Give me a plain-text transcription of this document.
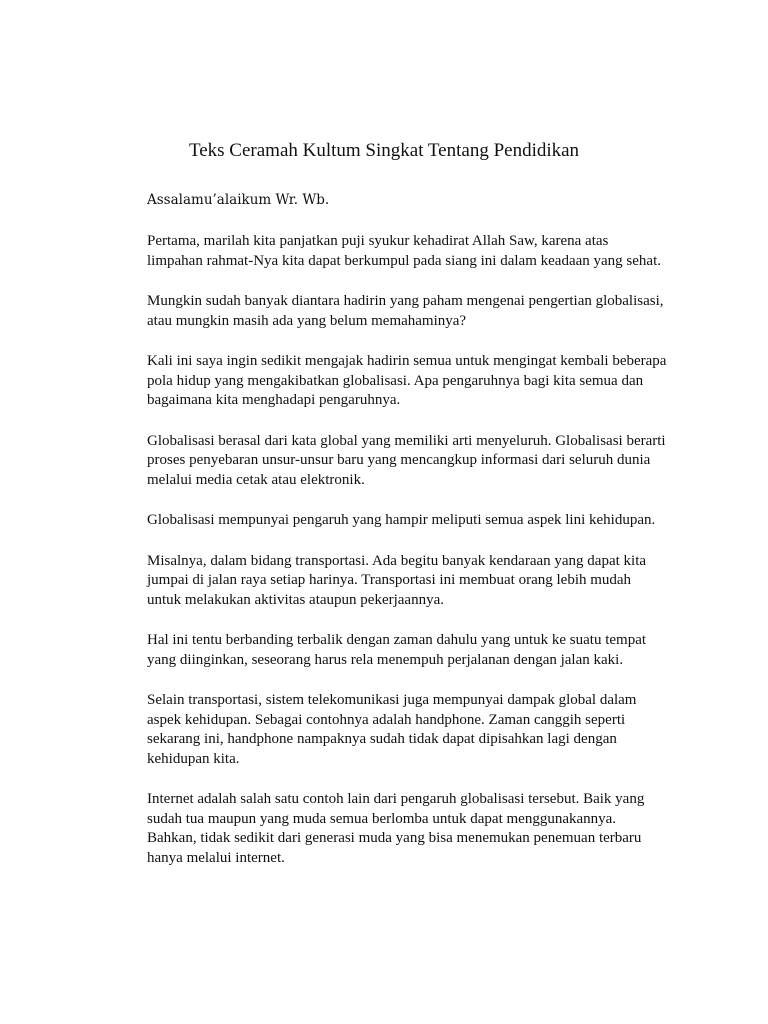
Teks Ceramah Kultum Singkat Tentang Pendidikan

Assalamu’alaikum Wr. Wb.

Pertama, marilah kita panjatkan puji syukur kehadirat Allah Saw, karena atas limpahan rahmat-Nya kita dapat berkumpul pada siang ini dalam keadaan yang sehat.

Mungkin sudah banyak diantara hadirin yang paham mengenai pengertian globalisasi, atau mungkin masih ada yang belum memahaminya?

Kali ini saya ingin sedikit mengajak hadirin semua untuk mengingat kembali beberapa pola hidup yang mengakibatkan globalisasi. Apa pengaruhnya bagi kita semua dan bagaimana kita menghadapi pengaruhnya.

Globalisasi berasal dari kata global yang memiliki arti menyeluruh. Globalisasi berarti proses penyebaran unsur-unsur baru yang mencangkup informasi dari seluruh dunia melalui media cetak atau elektronik.

Globalisasi mempunyai pengaruh yang hampir meliputi semua aspek lini kehidupan.

Misalnya, dalam bidang transportasi. Ada begitu banyak kendaraan yang dapat kita jumpai di jalan raya setiap harinya. Transportasi ini membuat orang lebih mudah untuk melakukan aktivitas ataupun pekerjaannya.

Hal ini tentu berbanding terbalik dengan zaman dahulu yang untuk ke suatu tempat yang diinginkan, seseorang harus rela menempuh perjalanan dengan jalan kaki.

Selain transportasi, sistem telekomunikasi juga mempunyai dampak global dalam aspek kehidupan. Sebagai contohnya adalah handphone. Zaman canggih seperti sekarang ini, handphone nampaknya sudah tidak dapat dipisahkan lagi dengan kehidupan kita.

Internet adalah salah satu contoh lain dari pengaruh globalisasi tersebut. Baik yang sudah tua maupun yang muda semua berlomba untuk dapat menggunakannya. Bahkan, tidak sedikit dari generasi muda yang bisa menemukan penemuan terbaru hanya melalui internet.
